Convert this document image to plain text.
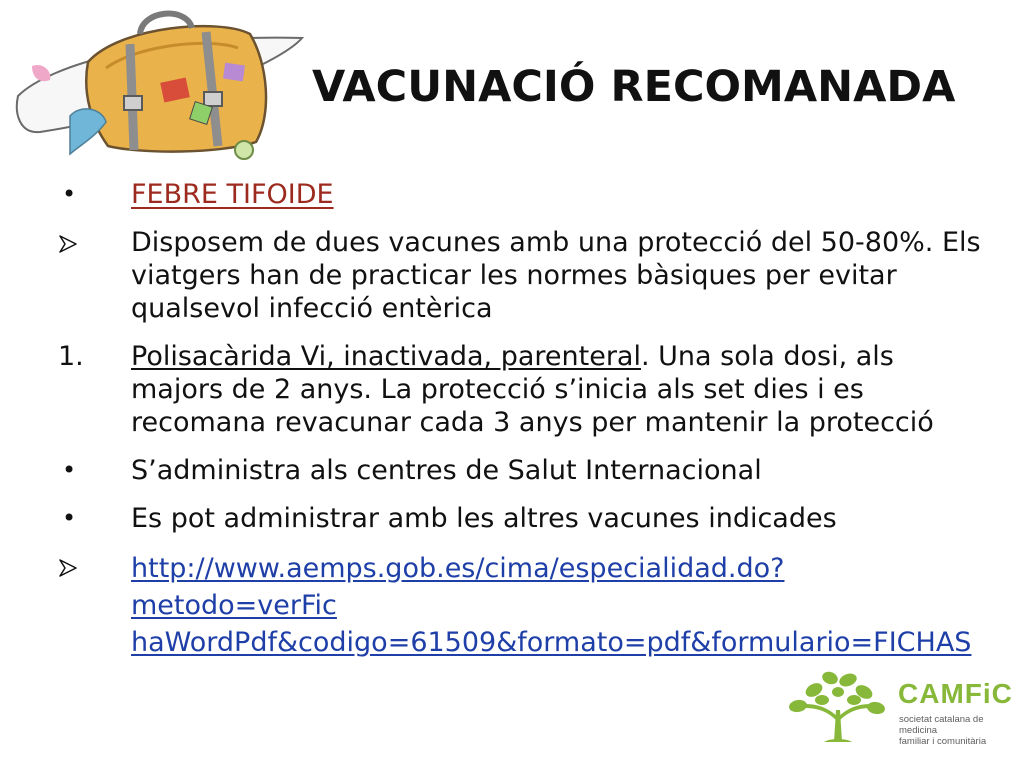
VACUNACIÓ RECOMANADA
•	FEBRE TIFOIDE
Disposem de dues vacunes amb una protecció del 50-80%. Els viatgers han de practicar les normes bàsiques per evitar qualsevol infecció entèrica
1.	Polisacàrida Vi, inactivada, parenteral. Una sola dosi, als majors de 2 anys. La protecció s’inicia als set dies i es recomana revacunar cada 3 anys per mantenir la protecció
•	S’administra als centres de Salut Internacional
•	Es pot administrar amb les altres vacunes indicades
http://www.aemps.gob.es/cima/especialidad.do?metodo=verFic
haWordPdf&codigo=61509&formato=pdf&formulario=FICHAS
CAMFiC
societat catalana de medicina
familiar i comunitària
